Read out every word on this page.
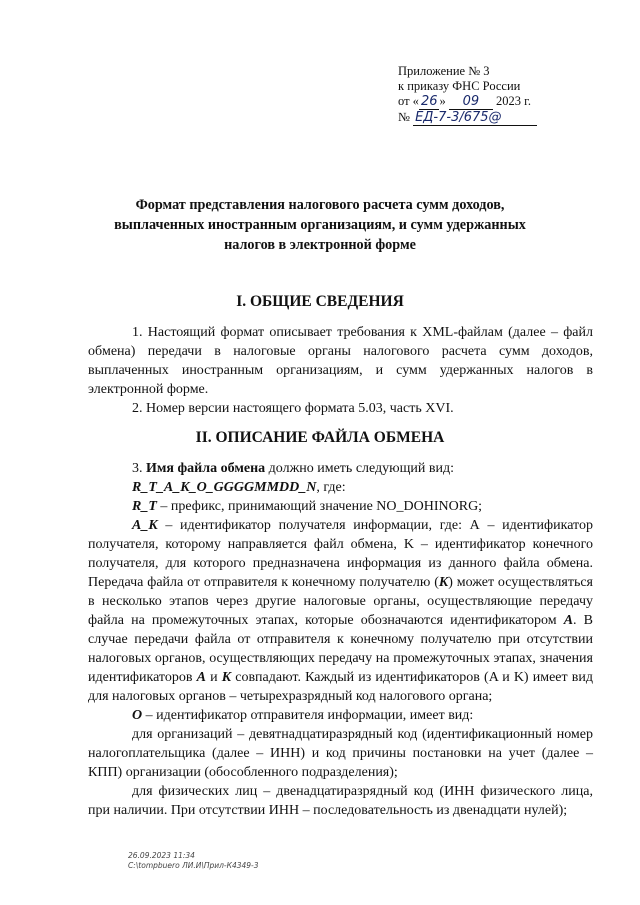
Приложение № 3
к приказу ФНС России
от « 26 » 09 2023 г.
№ ЕД-7-3/675@
Формат представления налогового расчета сумм доходов,
выплаченных иностранным организациям, и сумм удержанных
налогов в электронной форме
I. ОБЩИЕ СВЕДЕНИЯ

1. Настоящий формат описывает требования к XML-файлам (далее – файл обмена) передачи в налоговые органы налогового расчета сумм доходов, выплаченных иностранным организациям, и сумм удержанных налогов в электронной форме.

2. Номер версии настоящего формата 5.03, часть XVI.

II. ОПИСАНИЕ ФАЙЛА ОБМЕНА

3. Имя файла обмена должно иметь следующий вид:

R_T_A_K_O_GGGGMMDD_N, где:

R_T – префикс, принимающий значение NO_DOHINORG;

A_K – идентификатор получателя информации, где: А – идентификатор получателя, которому направляется файл обмена, K – идентификатор конечного получателя, для которого предназначена информация из данного файла обмена. Передача файла от отправителя к конечному получателю (K) может осуществляться в несколько этапов через другие налоговые органы, осуществляющие передачу файла на промежуточных этапах, которые обозначаются идентификатором А. В случае передачи файла от отправителя к конечному получателю при отсутствии налоговых органов, осуществляющих передачу на промежуточных этапах, значения идентификаторов А и K совпадают. Каждый из идентификаторов (A и K) имеет вид для налоговых органов – четырехразрядный код налогового органа;

O – идентификатор отправителя информации, имеет вид:

для организаций – девятнадцатиразрядный код (идентификационный номер налогоплательщика (далее – ИНН) и код причины постановки на учет (далее – КПП) организации (обособленного подразделения);

для физических лиц – двенадцатиразрядный код (ИНН физического лица, при наличии. При отсутствии ИНН – последовательность из двенадцати нулей);

26.09.2023 11:34
С:\tompbuero ЛИ.И\Прил-К4349-3
